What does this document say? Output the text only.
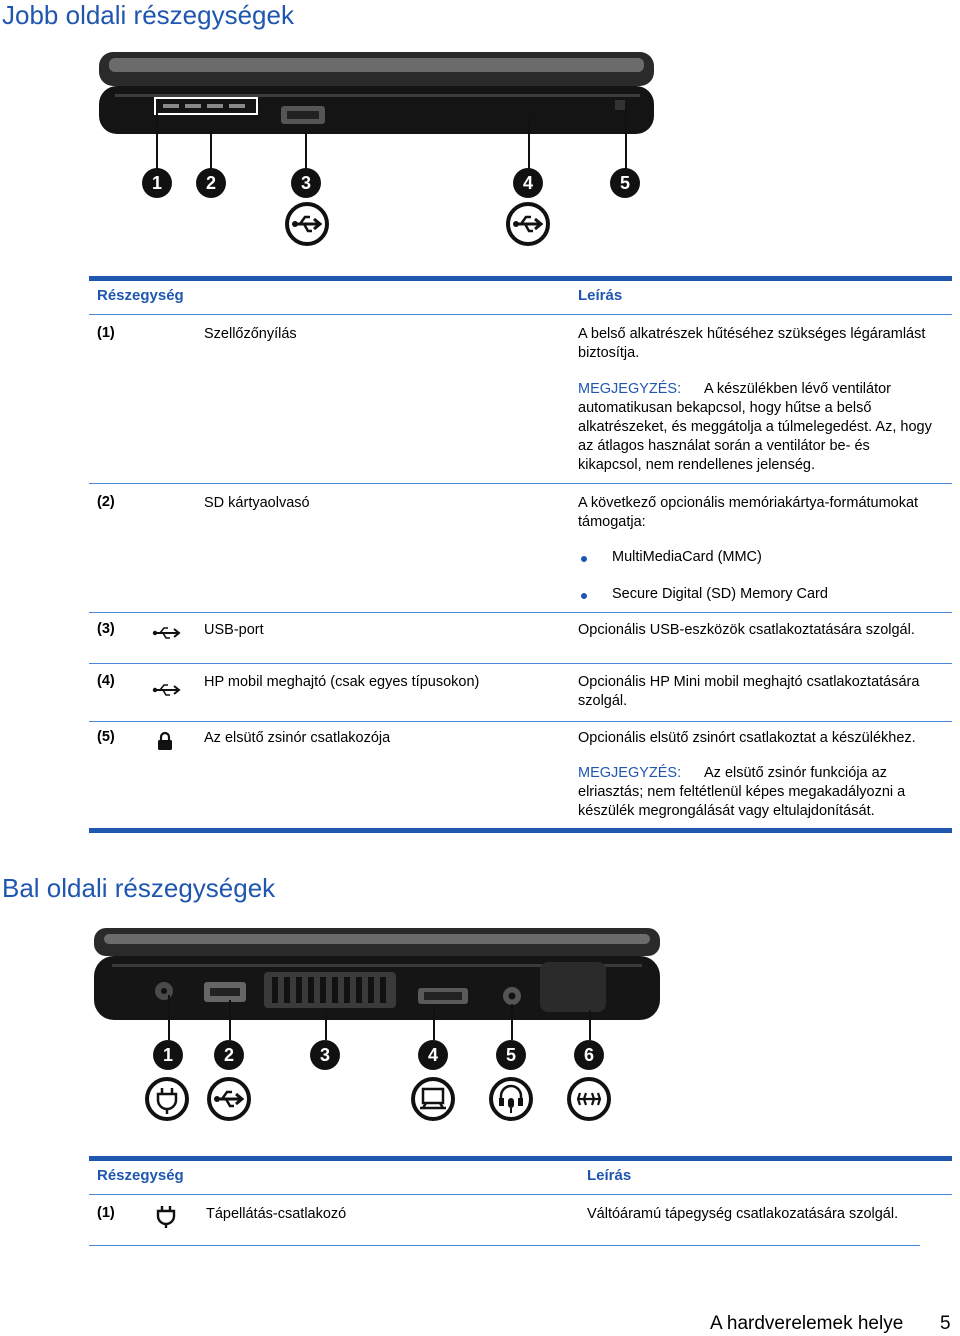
Jobb oldali részegységek
1	2	3	4	5
Részegység	Leírás
(1)	Szellőzőnyílás	A belső alkatrészek hűtéséhez szükséges légáramlást
biztosítja.
MEGJEGYZÉS: A készülékben lévő ventilátor
automatikusan bekapcsol, hogy hűtse a belső
alkatrészeket, és meggátolja a túlmelegedést. Az, hogy
az átlagos használat során a ventilátor be- és
kikapcsol, nem rendellenes jelenség.
(2)	SD kártyaolvasó	A következő opcionális memóriakártya-formátumokat
támogatja:
MultiMediaCard (MMC)
Secure Digital (SD) Memory Card
(3)	USB-port	Opcionális USB-eszközök csatlakoztatására szolgál.
(4)	HP mobil meghajtó (csak egyes típusokon)	Opcionális HP Mini mobil meghajtó csatlakoztatására
szolgál.
(5)	Az elsütő zsinór csatlakozója	Opcionális elsütő zsinórt csatlakoztat a készülékhez.
MEGJEGYZÉS: Az elsütő zsinór funkciója az
elriasztás; nem feltétlenül képes megakadályozni a
készülék megrongálását vagy eltulajdonítását.
Bal oldali részegységek
1	2	3	4	5	6
Részegység	Leírás
(1)	Tápellátás-csatlakozó	Váltóáramú tápegység csatlakozatására szolgál.
A hardverelemek helye 5
